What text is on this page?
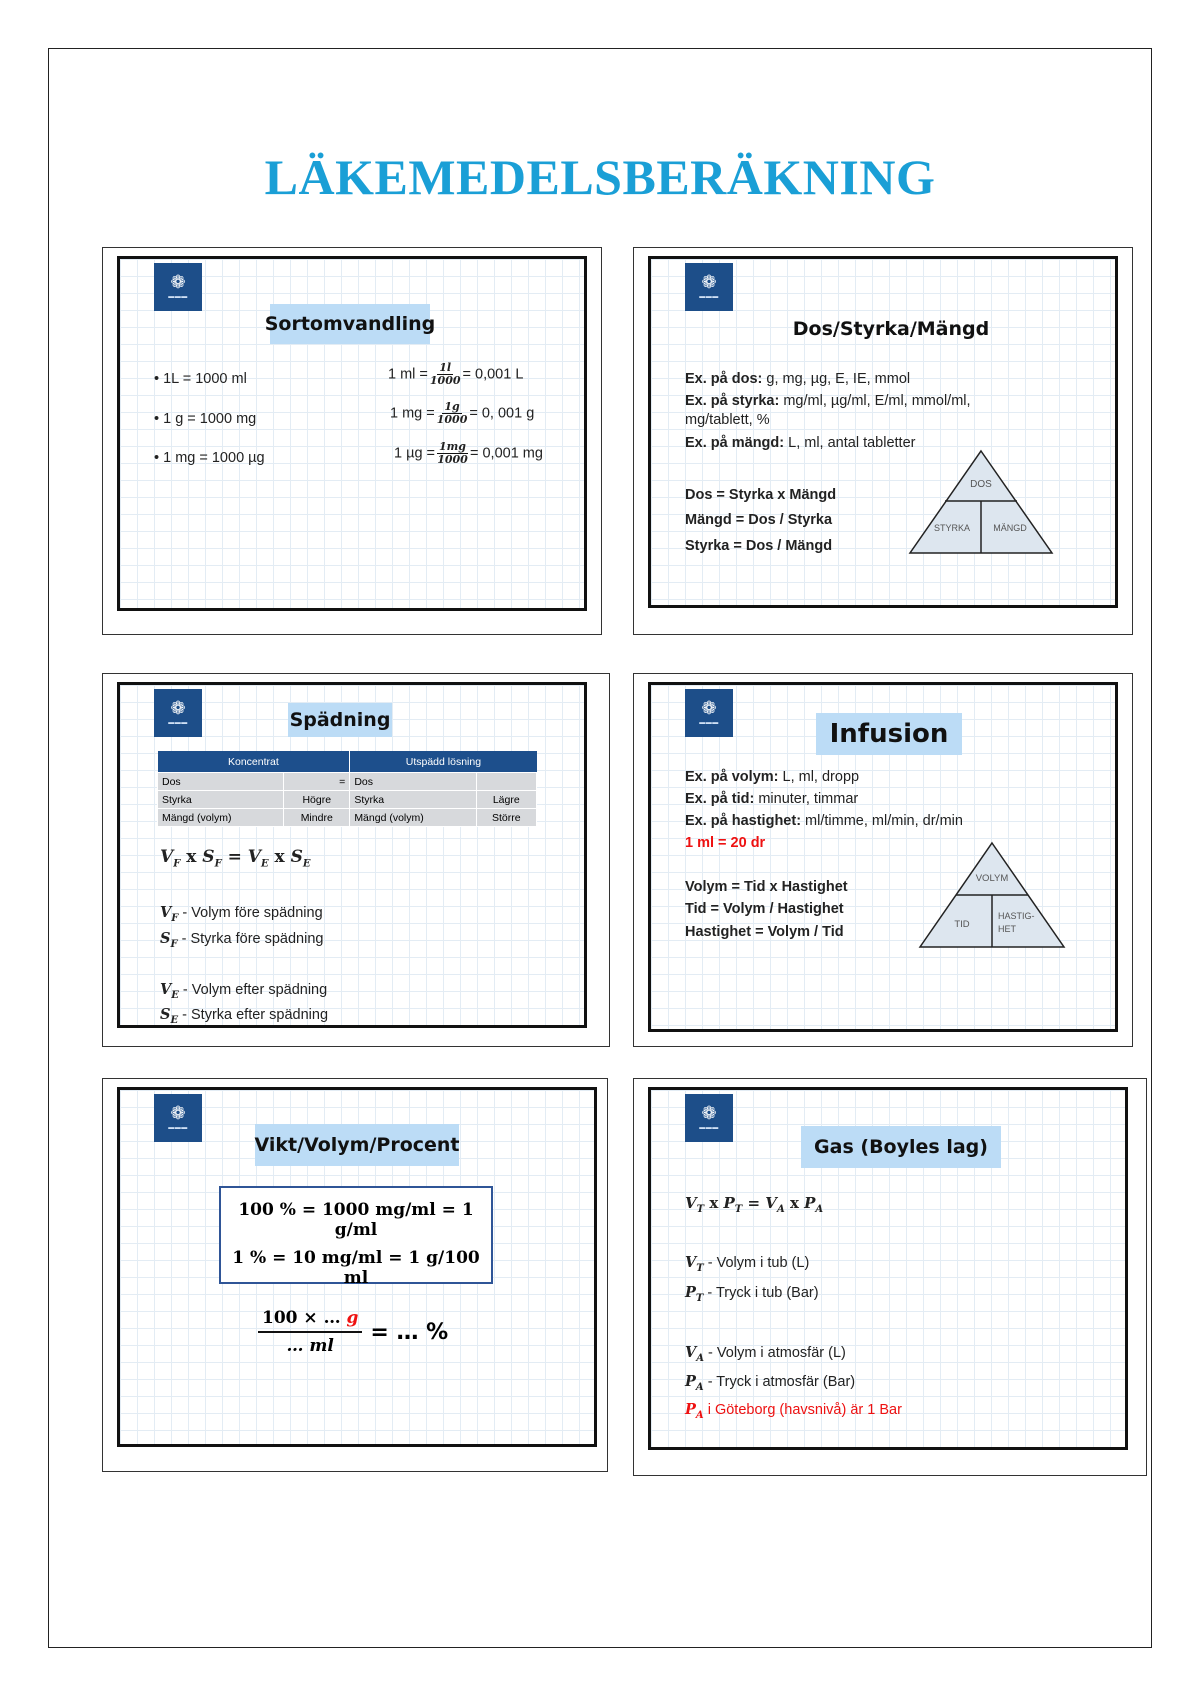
LÄKEMEDELSBERÄKNING
❁
▬▬▬
Sortomvandling
• 1L = 1000 ml
• 1 g = 1000 mg
• 1 mg = 1000 µg
1 ml = $\frac{1l}{1000} = 0,001$ L
1 mg = $\frac{1g}{1000} = 0$, 001 g
1 $\mu g = \frac{1mg}{1000} = 0,001$ mg
❁
▬▬▬
Dos/Styrka/Mängd
Ex. på dos: g, mg, µg, E, IE, mmol
Ex. på styrka: mg/ml, µg/ml, E/ml, mmol/ml,
mg/tablett, %
Ex. på mängd: L, ml, antal tabletter
Dos = Styrka x Mängd
Mängd = Dos / Styrka
Styrka = Dos / Mängd
DOS
STYRKA	MÄNGD
❁
▬▬▬	Spädning
Koncentrat		Utspädd lösning	
Dos	=	Dos	
Styrka	Högre	Styrka	Lägre
Mängd (volym)	Mindre	Mängd (volym)	Större
$V_F$ x $S_F = V_E$ x $S_E$
$V_F$ - Volym före spädning
$S_F$ - Styrka före spädning
$V_E$ - Volym efter spädning
$S_E$ - Styrka efter spädning
❁
▬▬▬	Infusion
Ex. på volym: L, ml, dropp
Ex. på tid: minuter, timmar
Ex. på hastighet: ml/timme, ml/min, dr/min
1 ml = 20 dr
Volym = Tid x Hastighet
Tid = Volym / Hastighet
Hastighet = Volym / Tid
VOLYM
TID
HASTIG-
HET
❁
▬▬▬
Vikt/Volym/Procent
100 % = 1000 mg/ml = 1 g/ml
1 % = 10 mg/ml = 1 g/100 ml
$\frac{100 \times \dots g}{\dots ml}$ = … %
❁
▬▬▬
Gas (Boyles lag)
$V_T$ x $P_T = V_A$ x $P_A$
$V_T$ - Volym i tub (L)
$P_T$ - Tryck i tub (Bar)
$V_A$ - Volym i atmosfär (L)
$P_A$ - Tryck i atmosfär (Bar)
$P_A$ i Göteborg (havsnivå) är 1 Bar
